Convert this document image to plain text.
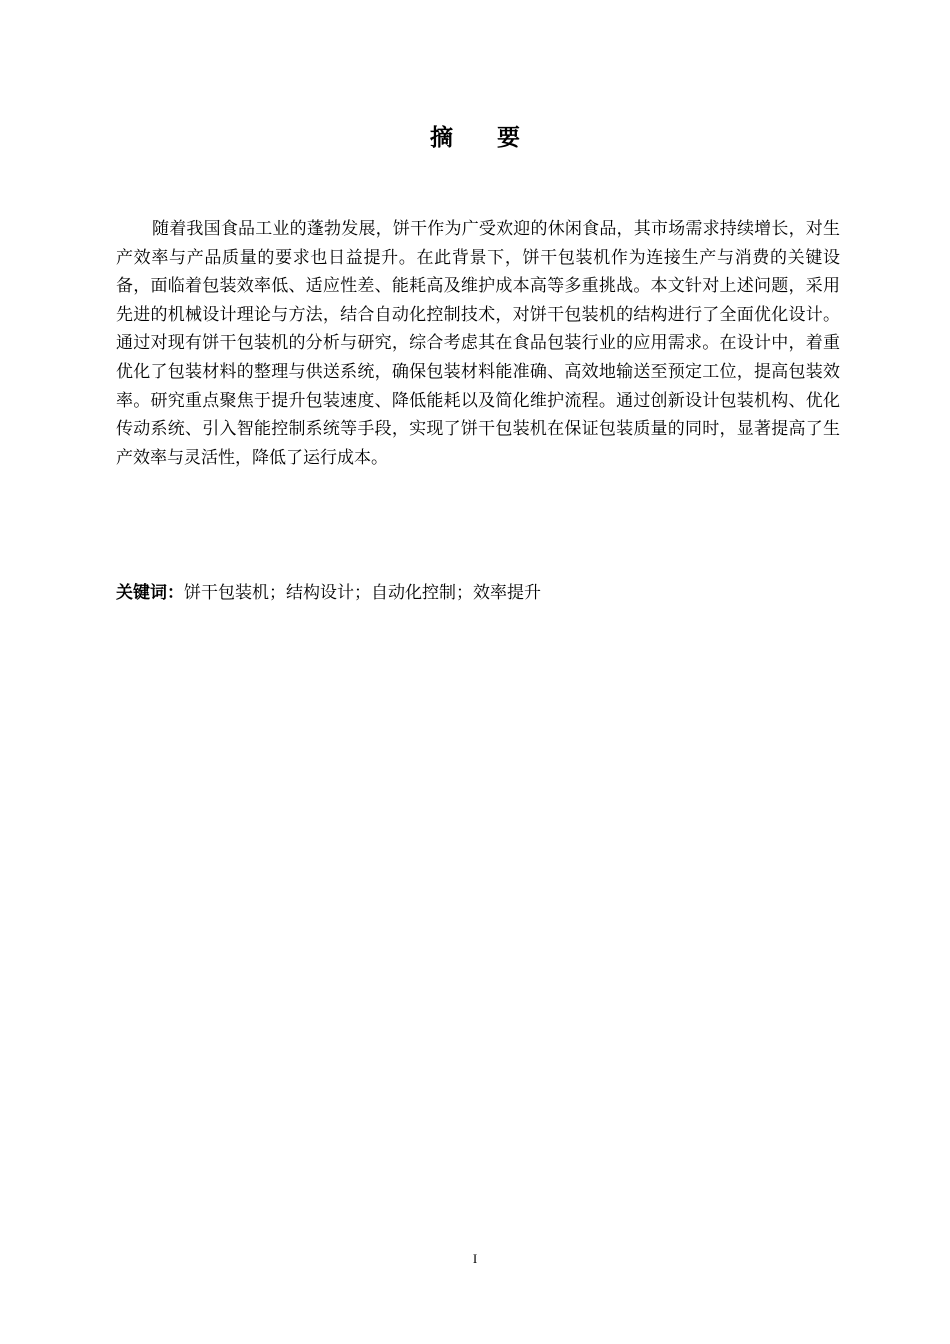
摘 要

随着我国食品工业的蓬勃发展，饼干作为广受欢迎的休闲食品，其市场需求持续增长，对生产效率与产品质量的要求也日益提升。在此背景下，饼干包装机作为连接生产与消费的关键设备，面临着包装效率低、适应性差、能耗高及维护成本高等多重挑战。本文针对上述问题，采用先进的机械设计理论与方法，结合自动化控制技术，对饼干包装机的结构进行了全面优化设计。通过对现有饼干包装机的分析与研究，综合考虑其在食品包装行业的应用需求。在设计中，着重优化了包装材料的整理与供送系统，确保包装材料能准确、高效地输送至预定工位，提高包装效率。研究重点聚焦于提升包装速度、降低能耗以及简化维护流程。通过创新设计包装机构、优化传动系统、引入智能控制系统等手段，实现了饼干包装机在保证包装质量的同时，显著提高了生产效率与灵活性，降低了运行成本。

关键词：饼干包装机；结构设计；自动化控制；效率提升
I
